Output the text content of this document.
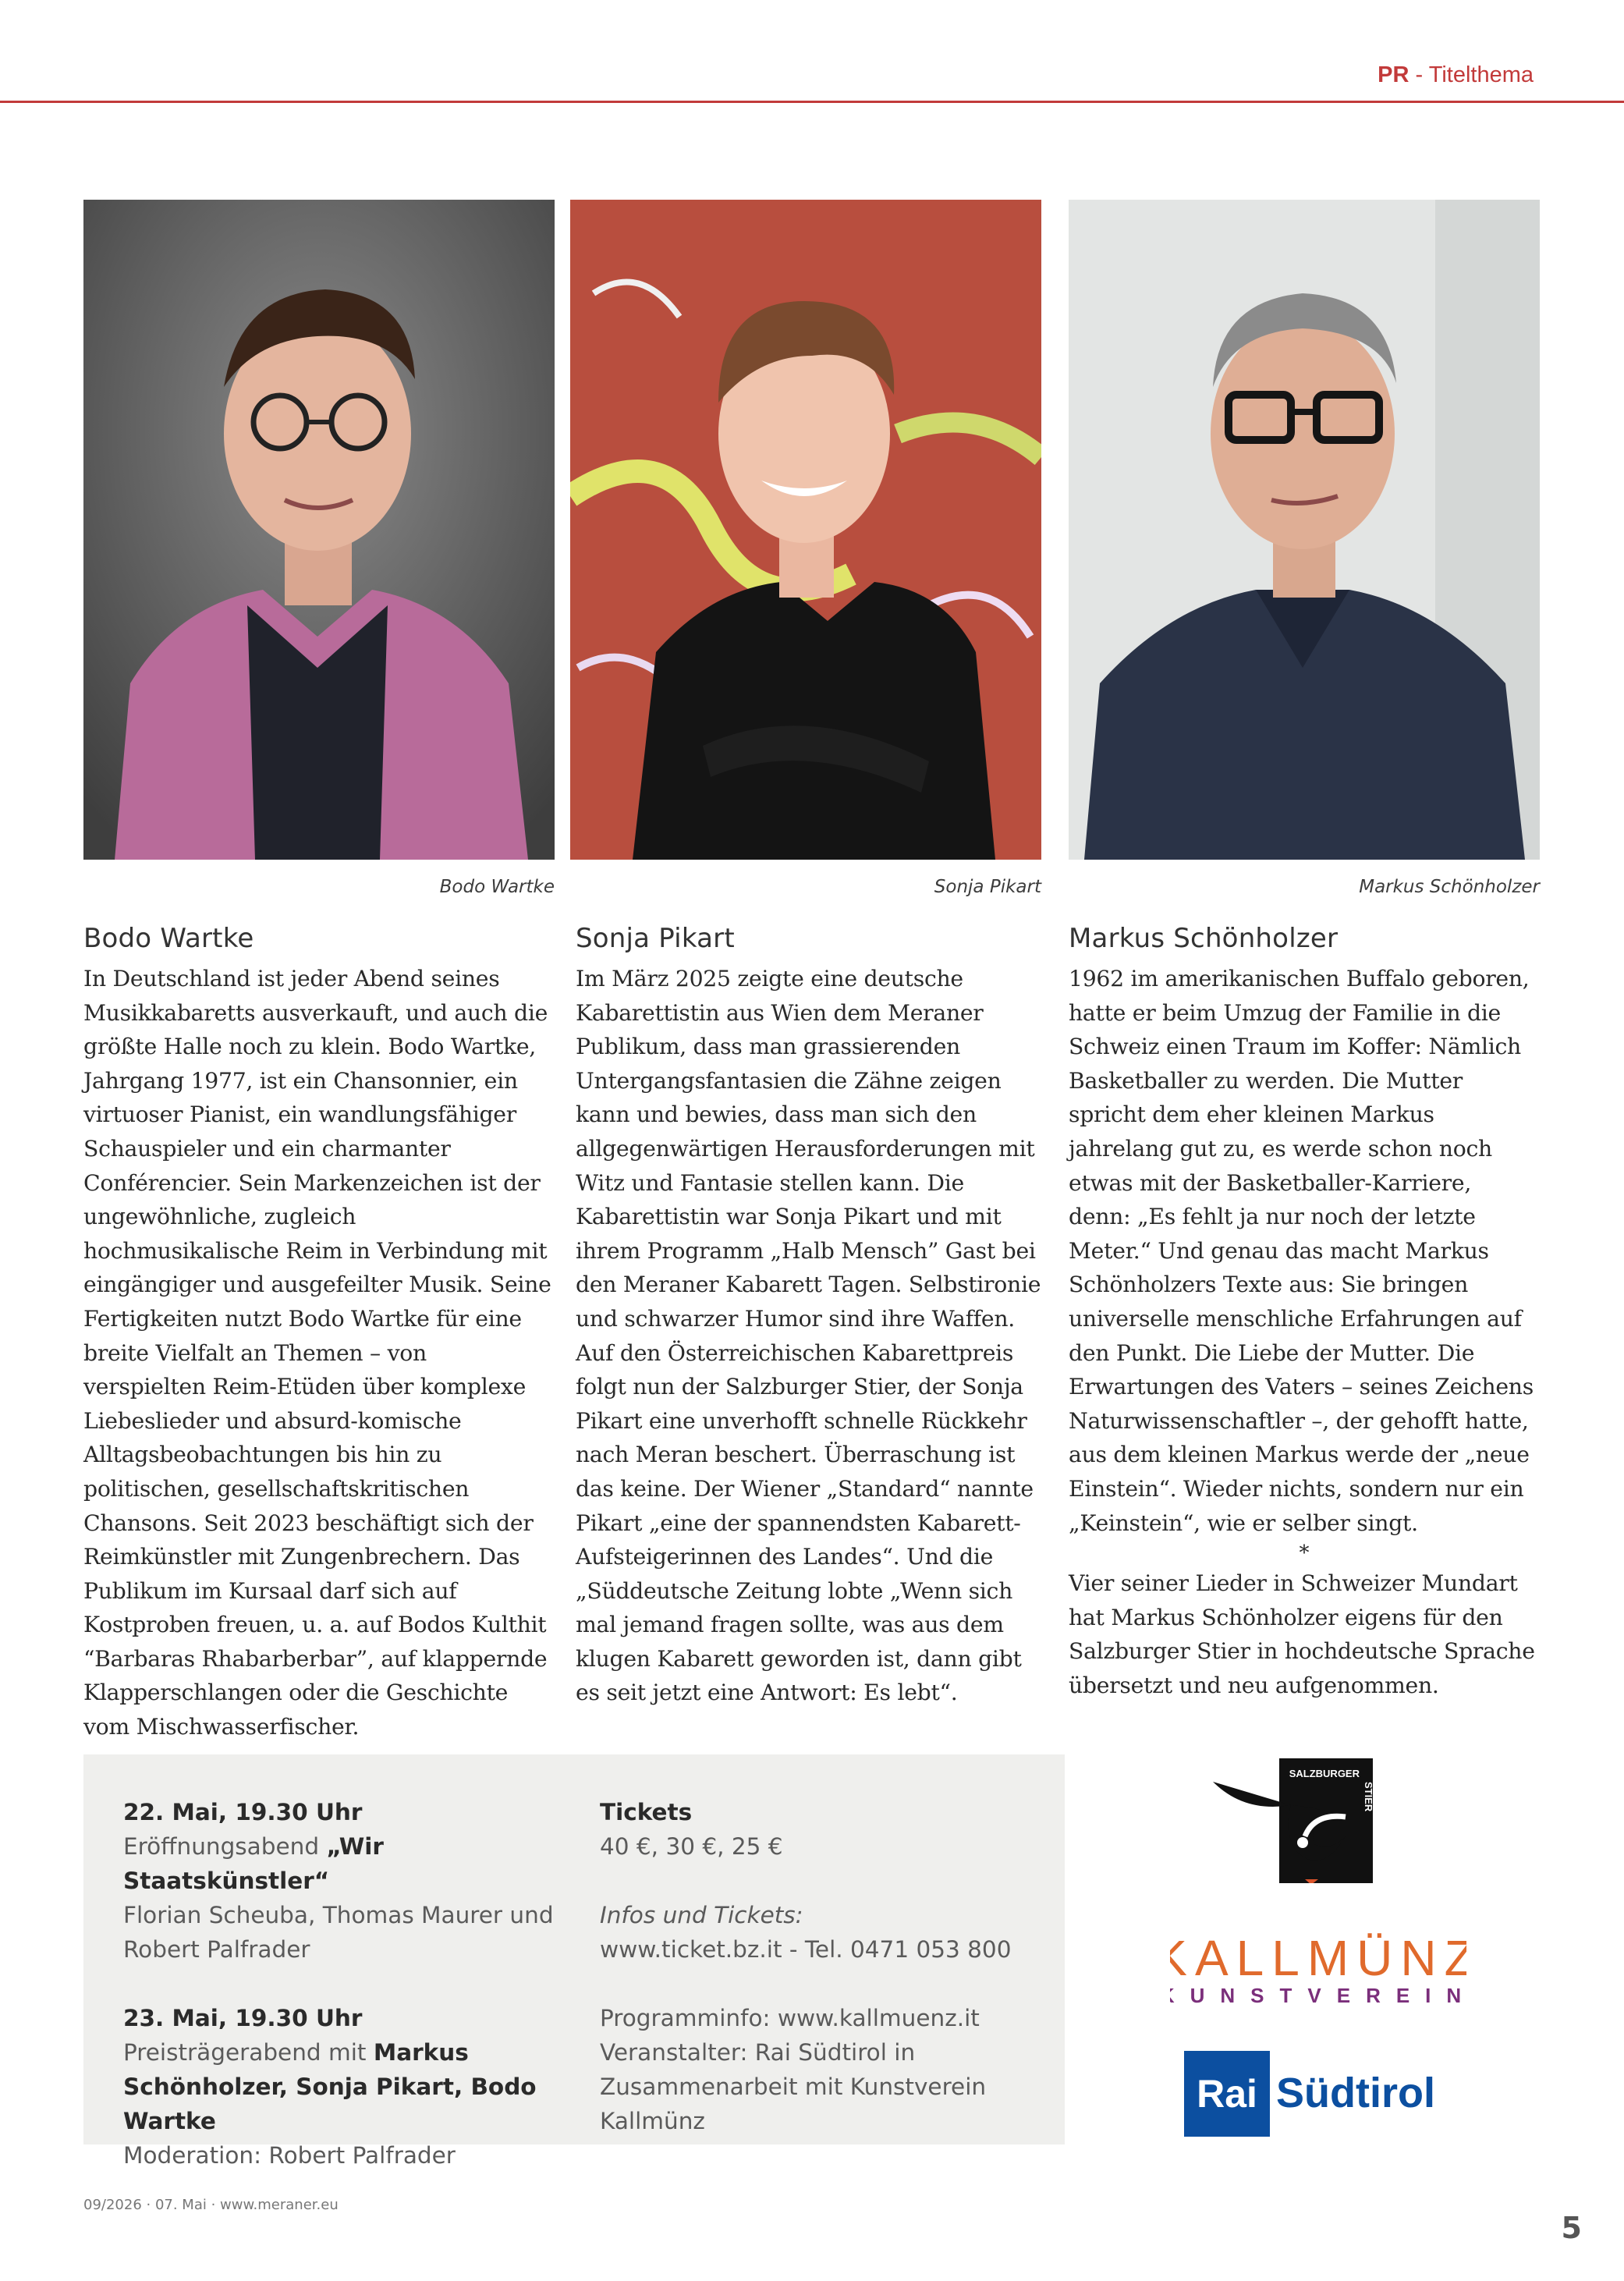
PR - Titelthema
Bodo Wartke	Sonja Pikart	Markus Schönholzer
Bodo Wartke

In Deutschland ist jeder Abend seines Musikkabaretts ausverkauft, und auch die größte Halle noch zu klein. Bodo Wartke, Jahrgang 1977, ist ein Chansonnier, ein virtuoser Pianist, ein wandlungsfähiger Schauspieler und ein charmanter Conférencier. Sein Markenzeichen ist der ungewöhnliche, zugleich hochmusikalische Reim in Verbindung mit eingängiger und ausgefeilter Musik. Seine Fertigkeiten nutzt Bodo Wartke für eine breite Vielfalt an Themen – von verspielten Reim-Etüden über komplexe Liebeslieder und absurd-komische Alltagsbeobachtungen bis hin zu politischen, gesellschaftskritischen Chansons. Seit 2023 beschäftigt sich der Reimkünstler mit Zungenbrechern. Das Publikum im Kursaal darf sich auf Kostproben freuen, u. a. auf Bodos Kulthit “Barbaras Rhabarberbar”, auf klappernde Klapperschlangen oder die Geschichte vom Mischwasserfischer.

Sonja Pikart

Im März 2025 zeigte eine deutsche Kabarettistin aus Wien dem Meraner Publikum, dass man grassierenden Untergangsfantasien die Zähne zeigen kann und bewies, dass man sich den allgegenwärtigen Herausforderungen mit Witz und Fantasie stellen kann. Die Kabarettistin war Sonja Pikart und mit ihrem Programm „Halb Mensch” Gast bei den Meraner Kabarett Tagen. Selbstironie und schwarzer Humor sind ihre Waffen. Auf den Österreichischen Kabarettpreis folgt nun der Salzburger Stier, der Sonja Pikart eine unverhofft schnelle Rückkehr nach Meran beschert. Überraschung ist das keine. Der Wiener „Standard“ nannte Pikart „eine der spannendsten Kabarett-Aufsteigerinnen des Landes“. Und die „Süddeutsche Zeitung lobte „Wenn sich mal jemand fragen sollte, was aus dem klugen Kabarett geworden ist, dann gibt es seit jetzt eine Antwort: Es lebt“.

Markus Schönholzer

1962 im amerikanischen Buffalo geboren, hatte er beim Umzug der Familie in die Schweiz einen Traum im Koffer: Nämlich Basketballer zu werden. Die Mutter spricht dem eher kleinen Markus jahrelang gut zu, es werde schon noch etwas mit der Basketballer-Karriere, denn: „Es fehlt ja nur noch der letzte Meter.“ Und genau das macht Markus Schönholzers Texte aus: Sie bringen universelle menschliche Erfahrungen auf den Punkt. Die Liebe der Mutter. Die Erwartungen des Vaters – seines Zeichens Naturwissenschaftler –, der gehofft hatte, aus dem kleinen Markus werde der „neue Einstein“. Wieder nichts, sondern nur ein „Keinstein“, wie er selber singt.

*

Vier seiner Lieder in Schweizer Mundart hat Markus Schönholzer eigens für den Salzburger Stier in hochdeutsche Sprache übersetzt und neu aufgenommen.

22. Mai, 19.30 Uhr
Eröffnungsabend „Wir Staatskünstler“
Florian Scheuba, Thomas Maurer und Robert Palfrader
23. Mai, 19.30 Uhr
Preisträgerabend mit Markus Schönholzer, Sonja Pikart, Bodo Wartke
Moderation: Robert Palfrader
Tickets
40 €, 30 €, 25 €
Infos und Tickets:
www.ticket.bz.it - Tel. 0471 053 800
Programminfo: www.kallmuenz.it
Veranstalter: Rai Südtirol in Zusammenarbeit mit Kunstverein Kallmünz
SALZBURGER
STIER
KALLMÜNZ
KUNSTVEREIN
Rai Südtirol
09/2026 · 07. Mai · www.meraner.eu
5
